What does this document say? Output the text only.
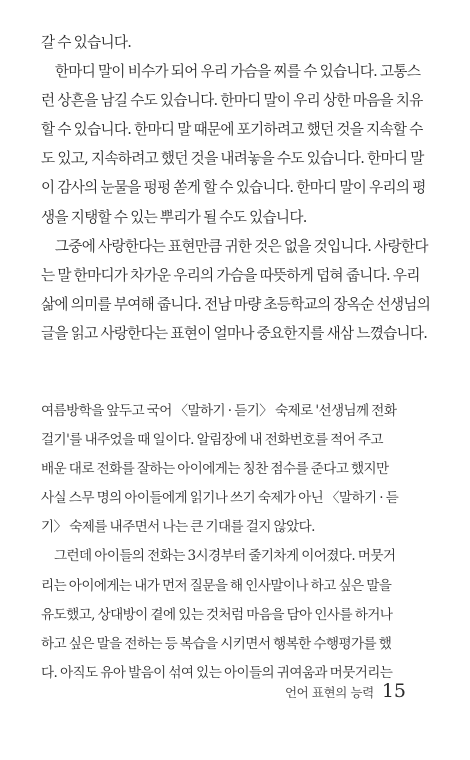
갈 수 있습니다.
　한마디 말이 비수가 되어 우리 가슴을 찌를 수 있습니다. 고통스
런 상흔을 남길 수도 있습니다. 한마디 말이 우리 상한 마음을 치유
할 수 있습니다. 한마디 말 때문에 포기하려고 했던 것을 지속할 수
도 있고, 지속하려고 했던 것을 내려놓을 수도 있습니다. 한마디 말
이 감사의 눈물을 펑펑 쏟게 할 수 있습니다. 한마디 말이 우리의 평
생을 지탱할 수 있는 뿌리가 될 수도 있습니다.
　그중에 사랑한다는 표현만큼 귀한 것은 없을 것입니다. 사랑한다
는 말 한마디가 차가운 우리의 가슴을 따뜻하게 덥혀 줍니다. 우리
삶에 의미를 부여해 줍니다. 전남 마량 초등학교의 장옥순 선생님의
글을 읽고 사랑한다는 표현이 얼마나 중요한지를 새삼 느꼈습니다.
여름방학을 앞두고 국어 〈말하기 · 듣기〉 숙제로 '선생님께 전화
걸기'를 내주었을 때 일이다. 알림장에 내 전화번호를 적어 주고
배운 대로 전화를 잘하는 아이에게는 칭찬 점수를 준다고 했지만
사실 스무 명의 아이들에게 읽기나 쓰기 숙제가 아닌 〈말하기 · 듣
기〉 숙제를 내주면서 나는 큰 기대를 걸지 않았다.
　그런데 아이들의 전화는 3시경부터 줄기차게 이어졌다. 머뭇거
리는 아이에게는 내가 먼저 질문을 해 인사말이나 하고 싶은 말을
유도했고, 상대방이 곁에 있는 것처럼 마음을 담아 인사를 하거나
하고 싶은 말을 전하는 등 복습을 시키면서 행복한 수행평가를 했
다. 아직도 유아 발음이 섞여 있는 아이들의 귀여움과 머뭇거리는
언어 표현의 능력 15
